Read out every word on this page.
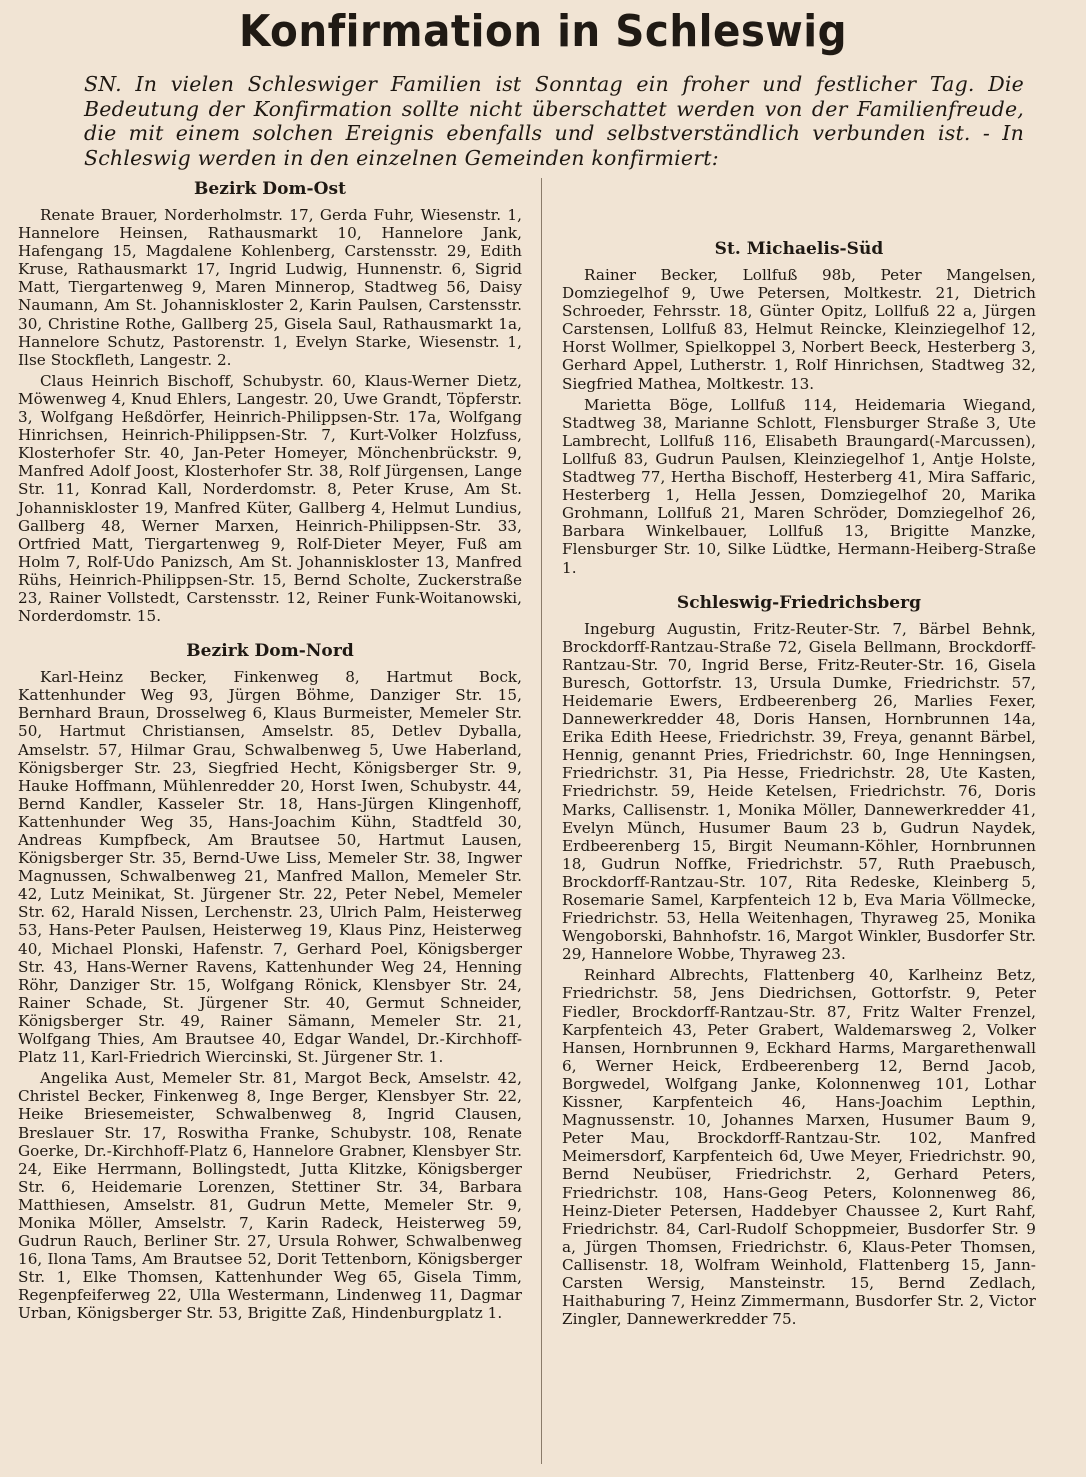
Konfirmation in Schleswig

SN. In vielen Schleswiger Familien ist Sonntag ein froher und festlicher Tag. Die Bedeutung der Konfirmation sollte nicht überschattet werden von der Familienfreude, die mit einem solchen Ereignis ebenfalls und selbstverständlich verbunden ist. - In Schleswig werden in den einzelnen Gemeinden konfirmiert:

Bezirk Dom-Ost

Renate Brauer, Norderholmstr. 17, Gerda Fuhr, Wiesenstr. 1, Hannelore Heinsen, Rathausmarkt 10, Hannelore Jank, Hafengang 15, Magdalene Kohlenberg, Carstensstr. 29, Edith Kruse, Rathausmarkt 17, Ingrid Ludwig, Hunnenstr. 6, Sigrid Matt, Tiergartenweg 9, Maren Minnerop, Stadtweg 56, Daisy Naumann, Am St. Johanniskloster 2, Karin Paulsen, Carstensstr. 30, Christine Rothe, Gallberg 25, Gisela Saul, Rathausmarkt 1a, Hannelore Schutz, Pastorenstr. 1, Evelyn Starke, Wiesenstr. 1, Ilse Stockfleth, Langestr. 2.

Claus Heinrich Bischoff, Schubystr. 60, Klaus-Werner Dietz, Möwenweg 4, Knud Ehlers, Langestr. 20, Uwe Grandt, Töpferstr. 3, Wolfgang Heßdörfer, Heinrich-Philippsen-Str. 17a, Wolfgang Hinrichsen, Heinrich-Philippsen-Str. 7, Kurt-Volker Holzfuss, Klosterhofer Str. 40, Jan-Peter Homeyer, Mönchenbrückstr. 9, Manfred Adolf Joost, Klosterhofer Str. 38, Rolf Jürgensen, Lange Str. 11, Konrad Kall, Norderdomstr. 8, Peter Kruse, Am St. Johanniskloster 19, Manfred Küter, Gallberg 4, Helmut Lundius, Gallberg 48, Werner Marxen, Heinrich-Philippsen-Str. 33, Ortfried Matt, Tiergartenweg 9, Rolf-Dieter Meyer, Fuß am Holm 7, Rolf-Udo Panizsch, Am St. Johanniskloster 13, Manfred Rühs, Heinrich-Philippsen-Str. 15, Bernd Scholte, Zuckerstraße 23, Rainer Vollstedt, Carstensstr. 12, Reiner Funk-Woitanowski, Norderdomstr. 15.

Bezirk Dom-Nord

Karl-Heinz Becker, Finkenweg 8, Hartmut Bock, Kattenhunder Weg 93, Jürgen Böhme, Danziger Str. 15, Bernhard Braun, Drosselweg 6, Klaus Burmeister, Memeler Str. 50, Hartmut Christiansen, Amselstr. 85, Detlev Dyballa, Amselstr. 57, Hilmar Grau, Schwalbenweg 5, Uwe Haberland, Königsberger Str. 23, Siegfried Hecht, Königsberger Str. 9, Hauke Hoffmann, Mühlenredder 20, Horst Iwen, Schubystr. 44, Bernd Kandler, Kasseler Str. 18, Hans-Jürgen Klingenhoff, Kattenhunder Weg 35, Hans-Joachim Kühn, Stadtfeld 30, Andreas Kumpfbeck, Am Brautsee 50, Hartmut Lausen, Königsberger Str. 35, Bernd-Uwe Liss, Memeler Str. 38, Ingwer Magnussen, Schwalbenweg 21, Manfred Mallon, Memeler Str. 42, Lutz Meinikat, St. Jürgener Str. 22, Peter Nebel, Memeler Str. 62, Harald Nissen, Lerchenstr. 23, Ulrich Palm, Heisterweg 53, Hans-Peter Paulsen, Heisterweg 19, Klaus Pinz, Heisterweg 40, Michael Plonski, Hafenstr. 7, Gerhard Poel, Königsberger Str. 43, Hans-Werner Ravens, Kattenhunder Weg 24, Henning Röhr, Danziger Str. 15, Wolfgang Rönick, Klensbyer Str. 24, Rainer Schade, St. Jürgener Str. 40, Germut Schneider, Königsberger Str. 49, Rainer Sämann, Memeler Str. 21, Wolfgang Thies, Am Brautsee 40, Edgar Wandel, Dr.-Kirchhoff-Platz 11, Karl-Friedrich Wiercinski, St. Jürgener Str. 1.

Angelika Aust, Memeler Str. 81, Margot Beck, Amselstr. 42, Christel Becker, Finkenweg 8, Inge Berger, Klensbyer Str. 22, Heike Briesemeister, Schwalbenweg 8, Ingrid Clausen, Breslauer Str. 17, Roswitha Franke, Schubystr. 108, Renate Goerke, Dr.-Kirchhoff-Platz 6, Hannelore Grabner, Klensbyer Str. 24, Eike Herrmann, Bollingstedt, Jutta Klitzke, Königsberger Str. 6, Heidemarie Lorenzen, Stettiner Str. 34, Barbara Matthiesen, Amselstr. 81, Gudrun Mette, Memeler Str. 9, Monika Möller, Amselstr. 7, Karin Radeck, Heisterweg 59, Gudrun Rauch, Berliner Str. 27, Ursula Rohwer, Schwalbenweg 16, Ilona Tams, Am Brautsee 52, Dorit Tettenborn, Königsberger Str. 1, Elke Thomsen, Kattenhunder Weg 65, Gisela Timm, Regenpfeiferweg 22, Ulla Westermann, Lindenweg 11, Dagmar Urban, Königsberger Str. 53, Brigitte Zaß, Hindenburgplatz 1.

St. Michaelis-Süd

Rainer Becker, Lollfuß 98b, Peter Mangelsen, Domziegelhof 9, Uwe Petersen, Moltkestr. 21, Dietrich Schroeder, Fehrsstr. 18, Günter Opitz, Lollfuß 22 a, Jürgen Carstensen, Lollfuß 83, Helmut Reincke, Kleinziegelhof 12, Horst Wollmer, Spielkoppel 3, Norbert Beeck, Hesterberg 3, Gerhard Appel, Lutherstr. 1, Rolf Hinrichsen, Stadtweg 32, Siegfried Mathea, Moltkestr. 13.

Marietta Böge, Lollfuß 114, Heidemaria Wiegand, Stadtweg 38, Marianne Schlott, Flensburger Straße 3, Ute Lambrecht, Lollfuß 116, Elisabeth Braungard(-Marcussen), Lollfuß 83, Gudrun Paulsen, Kleinziegelhof 1, Antje Holste, Stadtweg 77, Hertha Bischoff, Hesterberg 41, Mira Saffaric, Hesterberg 1, Hella Jessen, Domziegelhof 20, Marika Grohmann, Lollfuß 21, Maren Schröder, Domziegelhof 26, Barbara Winkelbauer, Lollfuß 13, Brigitte Manzke, Flensburger Str. 10, Silke Lüdtke, Hermann-Heiberg-Straße 1.

Schleswig-Friedrichsberg

Ingeburg Augustin, Fritz-Reuter-Str. 7, Bärbel Behnk, Brockdorff-Rantzau-Straße 72, Gisela Bellmann, Brockdorff-Rantzau-Str. 70, Ingrid Berse, Fritz-Reuter-Str. 16, Gisela Buresch, Gottorfstr. 13, Ursula Dumke, Friedrichstr. 57, Heidemarie Ewers, Erdbeerenberg 26, Marlies Fexer, Dannewerkredder 48, Doris Hansen, Hornbrunnen 14a, Erika Edith Heese, Friedrichstr. 39, Freya, genannt Bärbel, Hennig, genannt Pries, Friedrichstr. 60, Inge Henningsen, Friedrichstr. 31, Pia Hesse, Friedrichstr. 28, Ute Kasten, Friedrichstr. 59, Heide Ketelsen, Friedrichstr. 76, Doris Marks, Callisenstr. 1, Monika Möller, Dannewerkredder 41, Evelyn Münch, Husumer Baum 23 b, Gudrun Naydek, Erdbeerenberg 15, Birgit Neumann-Köhler, Hornbrunnen 18, Gudrun Noffke, Friedrichstr. 57, Ruth Praebusch, Brockdorff-Rantzau-Str. 107, Rita Redeske, Kleinberg 5, Rosemarie Samel, Karpfenteich 12 b, Eva Maria Völlmecke, Friedrichstr. 53, Hella Weitenhagen, Thyraweg 25, Monika Wengoborski, Bahnhofstr. 16, Margot Winkler, Busdorfer Str. 29, Hannelore Wobbe, Thyraweg 23.

Reinhard Albrechts, Flattenberg 40, Karlheinz Betz, Friedrichstr. 58, Jens Diedrichsen, Gottorfstr. 9, Peter Fiedler, Brockdorff-Rantzau-Str. 87, Fritz Walter Frenzel, Karpfenteich 43, Peter Grabert, Waldemarsweg 2, Volker Hansen, Hornbrunnen 9, Eckhard Harms, Margarethenwall 6, Werner Heick, Erdbeerenberg 12, Bernd Jacob, Borgwedel, Wolfgang Janke, Kolonnenweg 101, Lothar Kissner, Karpfenteich 46, Hans-Joachim Lepthin, Magnussenstr. 10, Johannes Marxen, Husumer Baum 9, Peter Mau, Brockdorff-Rantzau-Str. 102, Manfred Meimersdorf, Karpfenteich 6d, Uwe Meyer, Friedrichstr. 90, Bernd Neubüser, Friedrichstr. 2, Gerhard Peters, Friedrichstr. 108, Hans-Geog Peters, Kolonnenweg 86, Heinz-Dieter Petersen, Haddebyer Chaussee 2, Kurt Rahf, Friedrichstr. 84, Carl-Rudolf Schoppmeier, Busdorfer Str. 9 a, Jürgen Thomsen, Friedrichstr. 6, Klaus-Peter Thomsen, Callisenstr. 18, Wolfram Weinhold, Flattenberg 15, Jann-Carsten Wersig, Mansteinstr. 15, Bernd Zedlach, Haithaburing 7, Heinz Zimmermann, Busdorfer Str. 2, Victor Zingler, Dannewerkredder 75.
